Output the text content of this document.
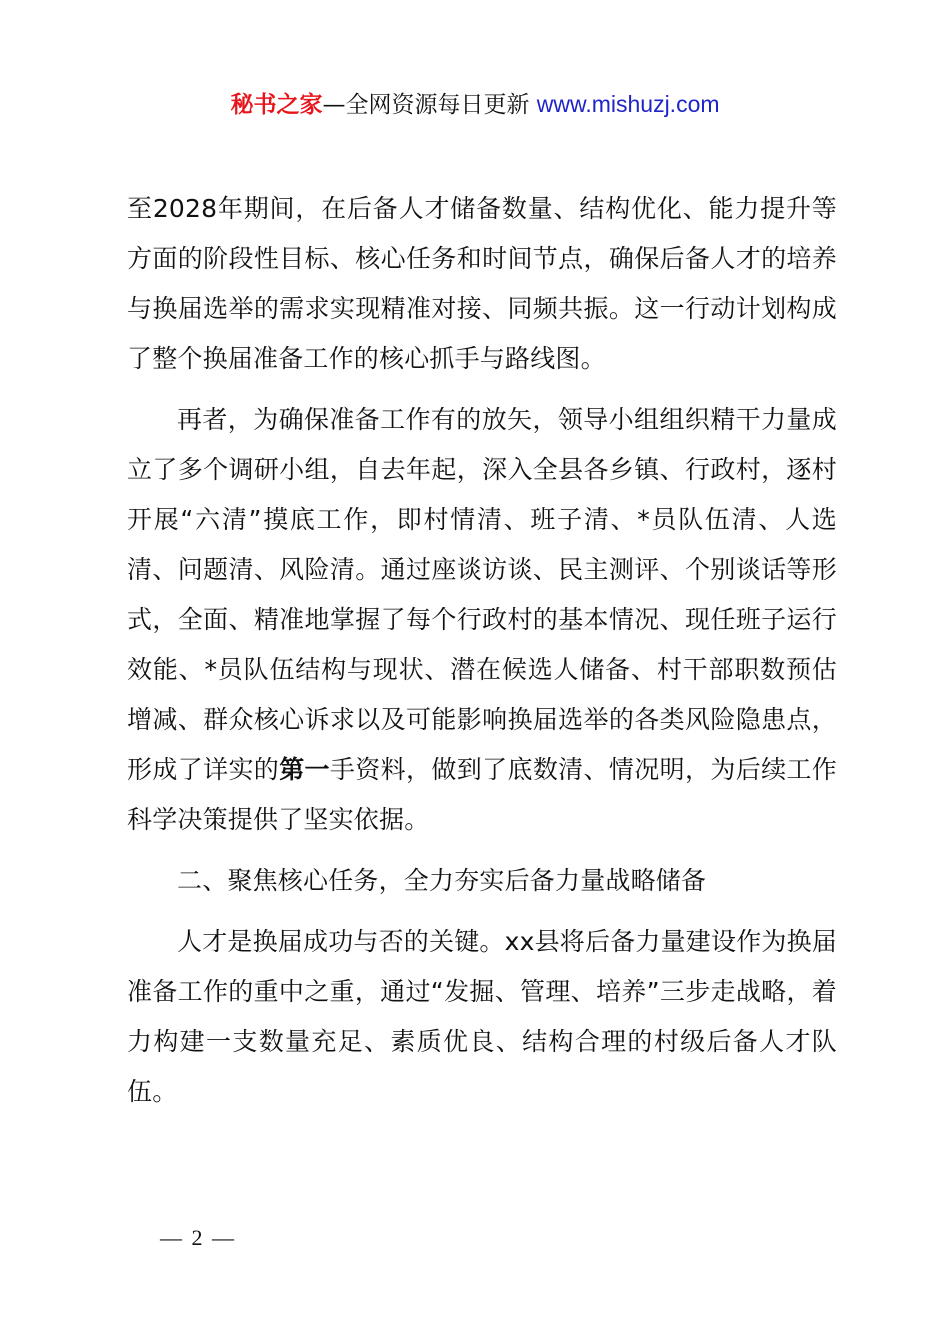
秘书之家—全网资源每日更新 www.mishuzj.com

至2028年期间，在后备人才储备数量、结构优化、能力提升等方面的阶段性目标、核心任务和时间节点，确保后备人才的培养与换届选举的需求实现精准对接、同频共振。这一行动计划构成了整个换届准备工作的核心抓手与路线图。

再者，为确保准备工作有的放矢，领导小组组织精干力量成立了多个调研小组，自去年起，深入全县各乡镇、行政村，逐村开展“六清”摸底工作，即村情清、班子清、*员队伍清、人选清、问题清、风险清。通过座谈访谈、民主测评、个别谈话等形式，全面、精准地掌握了每个行政村的基本情况、现任班子运行效能、*员队伍结构与现状、潜在候选人储备、村干部职数预估增减、群众核心诉求以及可能影响换届选举的各类风险隐患点，形成了详实的第一手资料，做到了底数清、情况明，为后续工作科学决策提供了坚实依据。

二、聚焦核心任务，全力夯实后备力量战略储备

人才是换届成功与否的关键。xx县将后备力量建设作为换届准备工作的重中之重，通过“发掘、管理、培养”三步走战略，着力构建一支数量充足、素质优良、结构合理的村级后备人才队伍。

— 2 —
